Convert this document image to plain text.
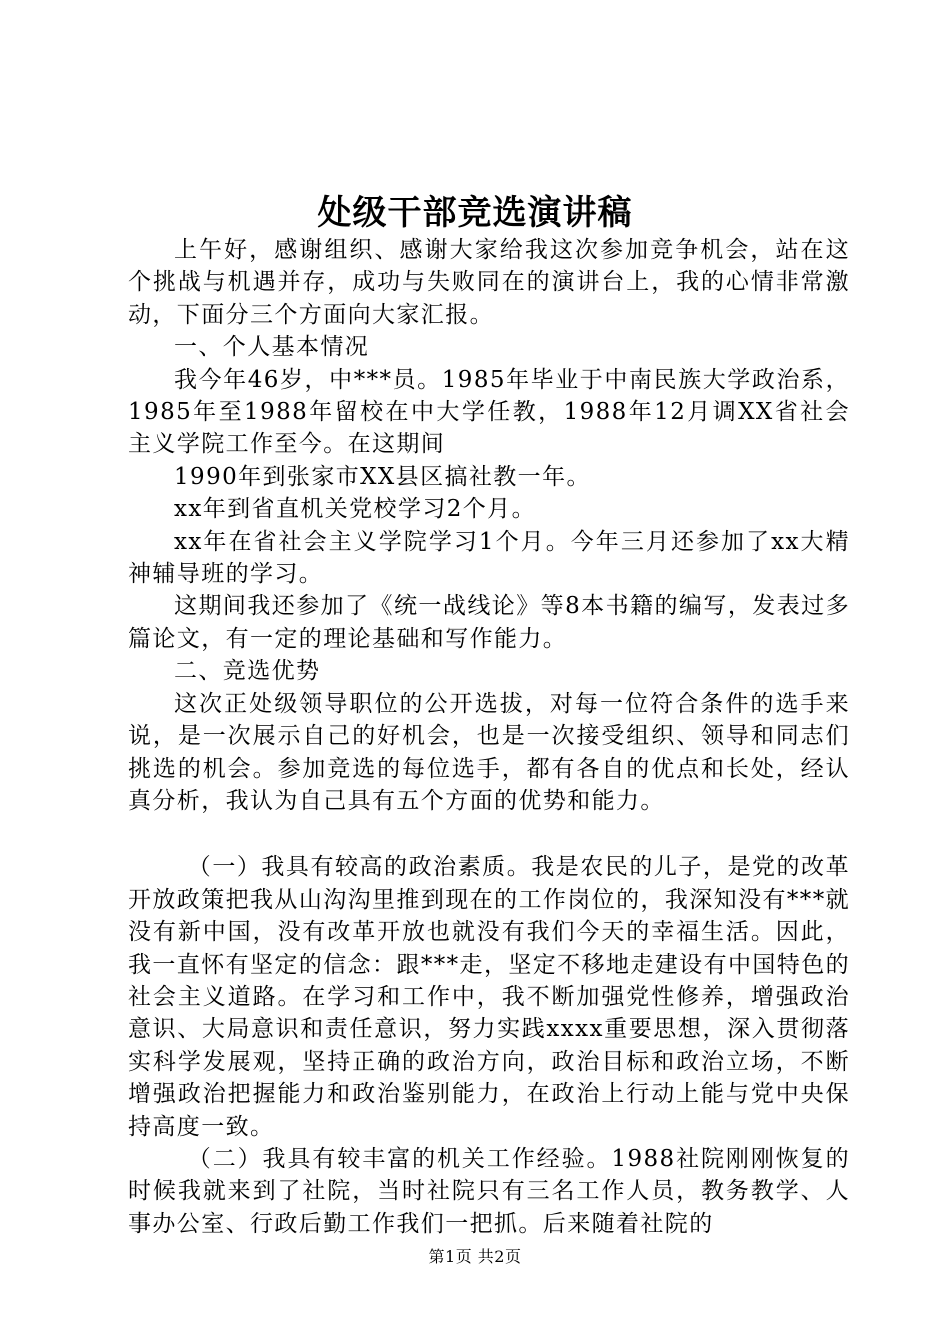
处级干部竞选演讲稿

上午好，感谢组织、感谢大家给我这次参加竞争机会，站在这个挑战与机遇并存，成功与失败同在的演讲台上，我的心情非常激动，下面分三个方面向大家汇报。

一、个人基本情况

我今年46岁，中***员。1985年毕业于中南民族大学政治系，1985年至1988年留校在中大学任教，1988年12月调XX省社会主义学院工作至今。在这期间

1990年到张家市XX县区搞社教一年。

xx年到省直机关党校学习2个月。

xx年在省社会主义学院学习1个月。今年三月还参加了xx大精神辅导班的学习。

这期间我还参加了《统一战线论》等8本书籍的编写，发表过多篇论文，有一定的理论基础和写作能力。

二、竞选优势

这次正处级领导职位的公开选拔，对每一位符合条件的选手来说，是一次展示自己的好机会，也是一次接受组织、领导和同志们挑选的机会。参加竞选的每位选手，都有各自的优点和长处，经认真分析，我认为自己具有五个方面的优势和能力。

（一）我具有较高的政治素质。我是农民的儿子，是党的改革开放政策把我从山沟沟里推到现在的工作岗位的，我深知没有***就没有新中国，没有改革开放也就没有我们今天的幸福生活。因此，我一直怀有坚定的信念：跟***走，坚定不移地走建设有中国特色的社会主义道路。在学习和工作中，我不断加强党性修养，增强政治意识、大局意识和责任意识，努力实践xxxx重要思想，深入贯彻落实科学发展观，坚持正确的政治方向，政治目标和政治立场，不断增强政治把握能力和政治鉴别能力，在政治上行动上能与党中央保持高度一致。

（二）我具有较丰富的机关工作经验。1988社院刚刚恢复的时候我就来到了社院，当时社院只有三名工作人员，教务教学、人事办公室、行政后勤工作我们一把抓。后来随着社院的

第1页 共2页
